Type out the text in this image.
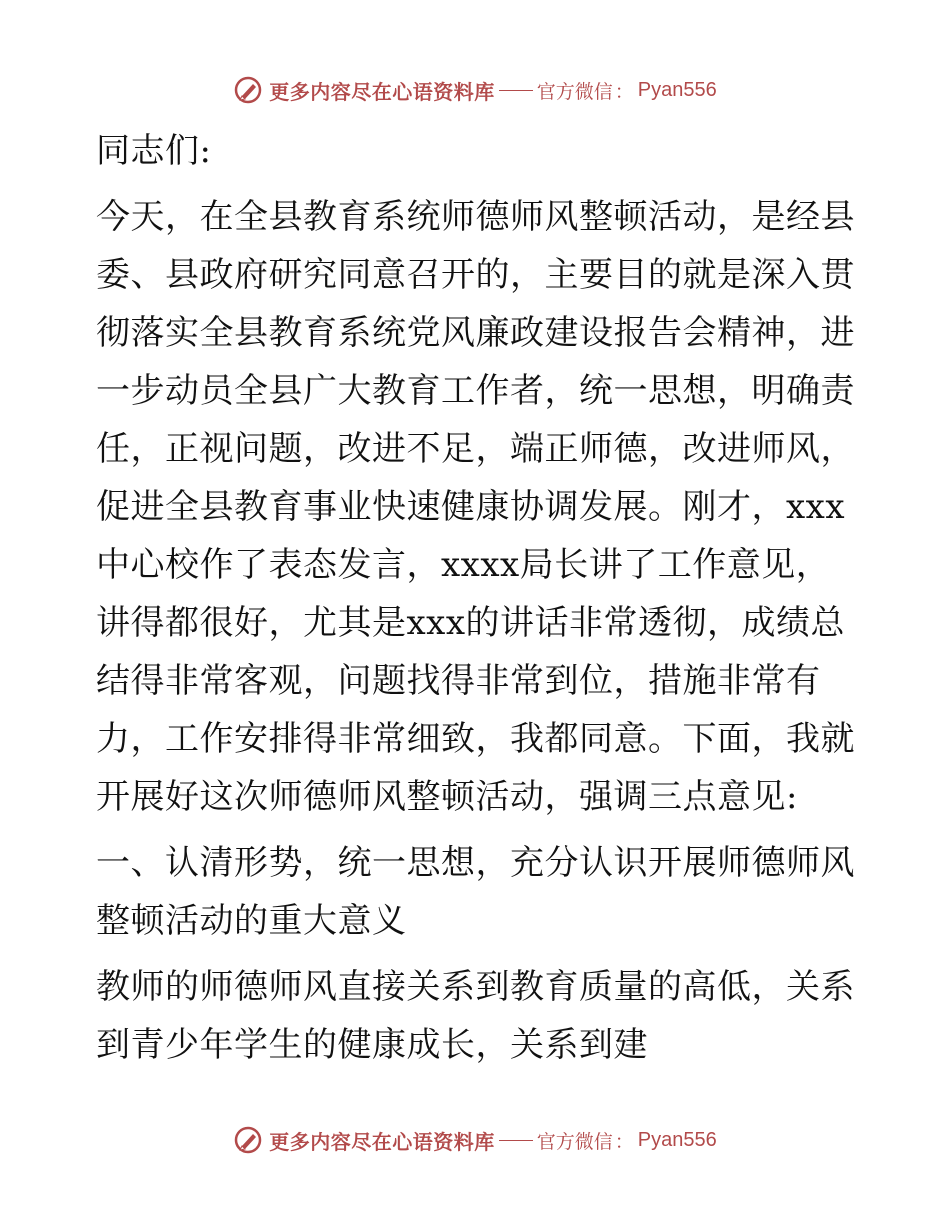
更多内容尽在心语资料库 官方微信 ： Pyan556

同志们:

今天，在全县教育系统师德师风整顿活动，是经县委、县政府研究同意召开的，主要目的就是深入贯彻落实全县教育系统党风廉政建设报告会精神，进一步动员全县广大教育工作者，统一思想，明确责任，正视问题，改进不足，端正师德，改进师风，促进全县教育事业快速健康协调发展。刚才，xxx中心校作了表态发言，xxxx局长讲了工作意见，讲得都很好，尤其是xxx的讲话非常透彻，成绩总结得非常客观，问题找得非常到位，措施非常有力，工作安排得非常细致，我都同意。下面，我就开展好这次师德师风整顿活动，强调三点意见:

一、认清形势，统一思想，充分认识开展师德师风整顿活动的重大意义

教师的师德师风直接关系到教育质量的高低，关系到青少年学生的健康成长，关系到建

更多内容尽在心语资料库 官方微信 ： Pyan556
